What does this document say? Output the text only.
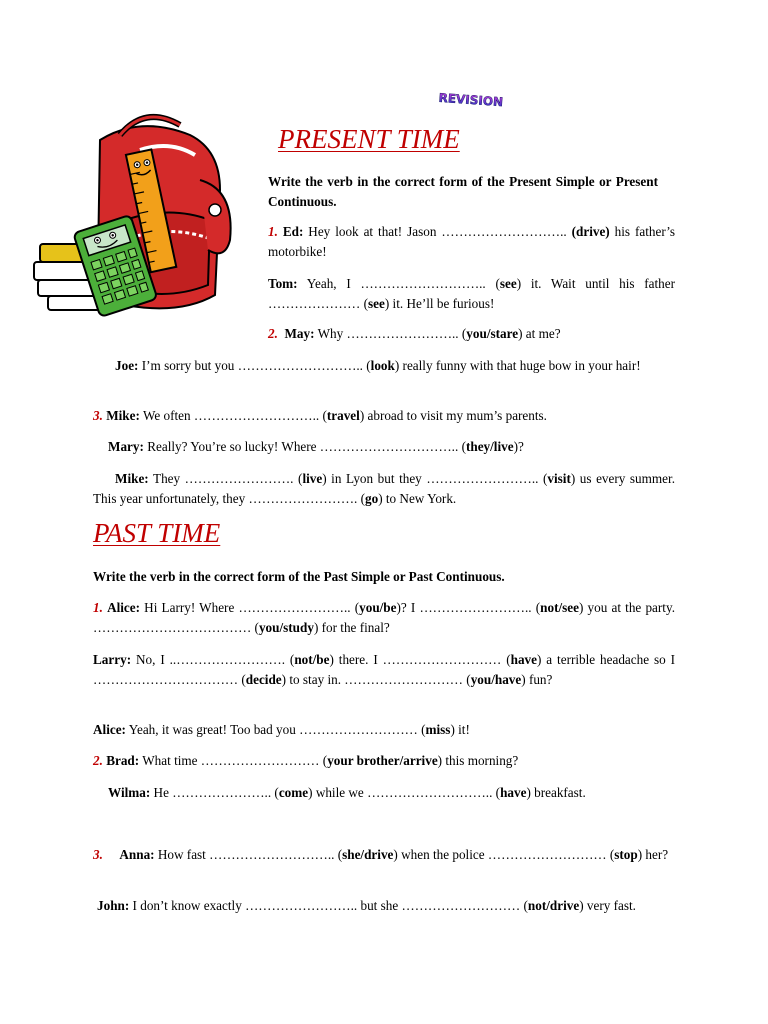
REVISION
PRESENT TIME
Write the verb in the correct form of the Present Simple or Present Continuous.
1. Ed: Hey look at that! Jason ……………………….. (drive) his father’s motorbike!
Tom: Yeah, I ……………………….. (see) it. Wait until his father ………………… (see) it. He’ll be furious!
2. May: Why …………………….. (you/stare) at me?
Joe: I’m sorry but you ……………………….. (look) really funny with that huge bow in your hair!
3. Mike: We often ……………………….. (travel) abroad to visit my mum’s parents.
Mary: Really? You’re so lucky! Where ………………………….. (they/live)?
Mike: They ……………………. (live) in Lyon but they …………………….. (visit) us every summer. This year unfortunately, they ……………………. (go) to New York.
PAST TIME
Write the verb in the correct form of the Past Simple or Past Continuous.
1. Alice: Hi Larry! Where …………………….. (you/be)? I …………………….. (not/see) you at the party. ……………………………… (you/study) for the final?
Larry: No, I ..……………………. (not/be) there. I ……………………… (have) a terrible headache so I …………………………… (decide) to stay in. ……………………… (you/have) fun?
Alice: Yeah, it was great! Too bad you ……………………… (miss) it!
2. Brad: What time ……………………… (your brother/arrive) this morning?
Wilma: He ………………….. (come) while we ……………………….. (have) breakfast.
3. Anna: How fast ……………………….. (she/drive) when the police ……………………… (stop) her?
John: I don’t know exactly …………………….. but she ……………………… (not/drive) very fast.
